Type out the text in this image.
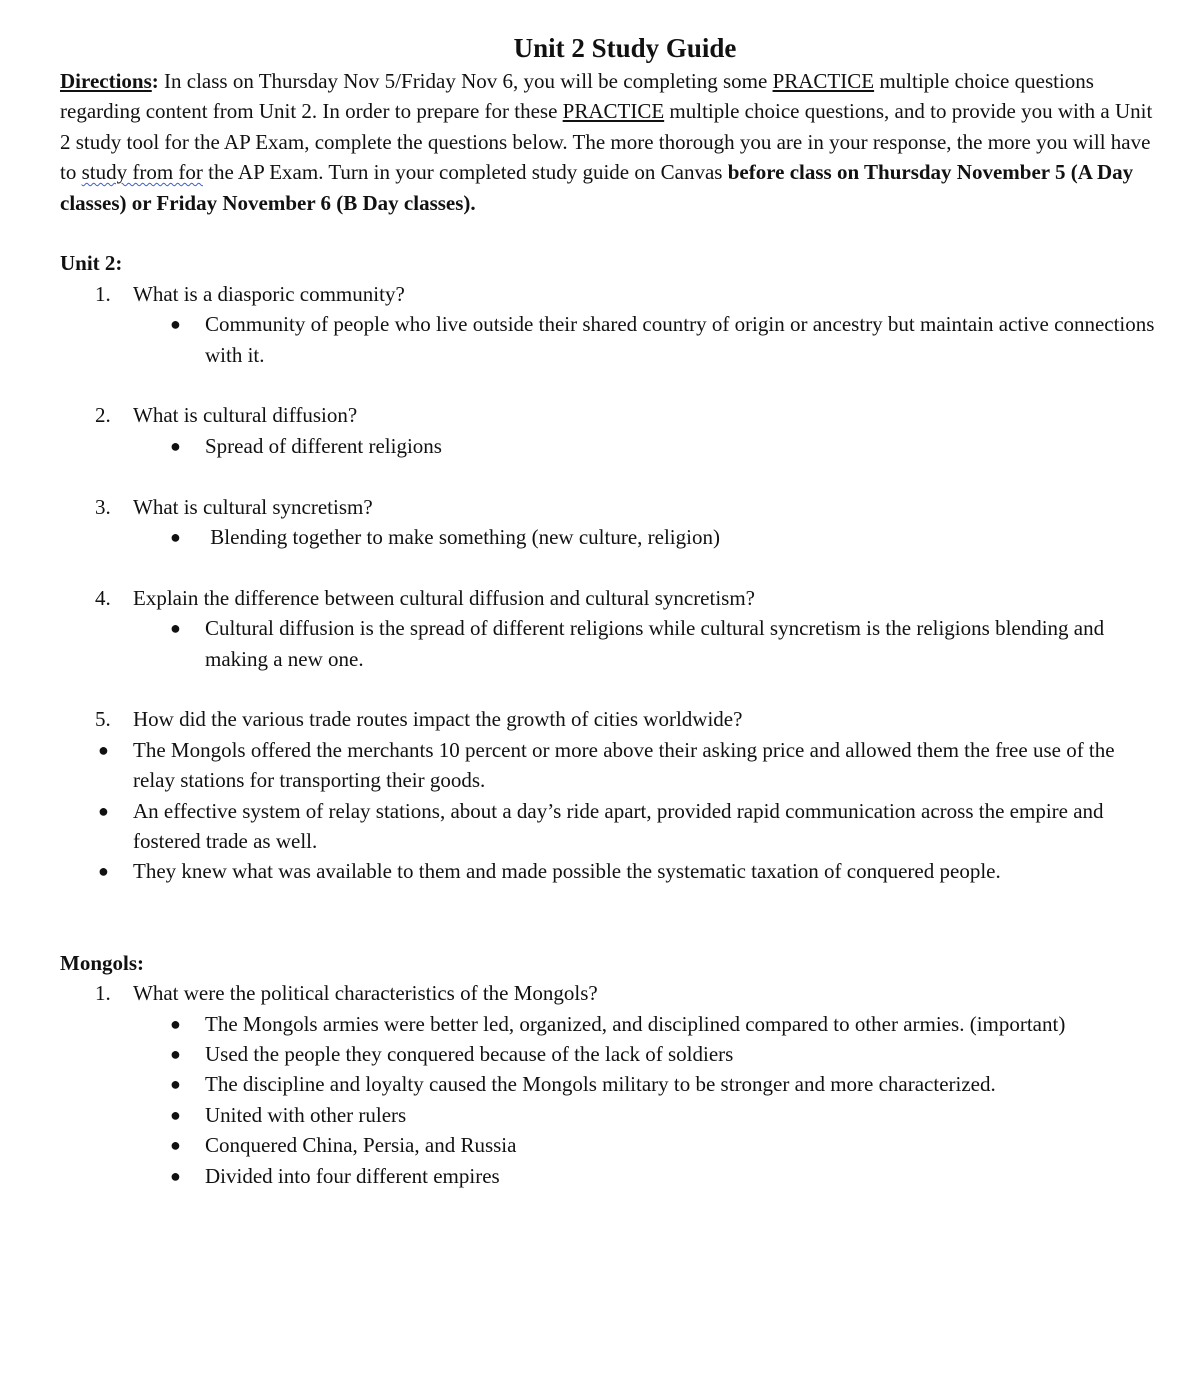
Unit 2 Study Guide

Directions: In class on Thursday Nov 5/Friday Nov 6, you will be completing some PRACTICE multiple choice questions regarding content from Unit 2. In order to prepare for these PRACTICE multiple choice questions, and to provide you with a Unit 2 study tool for the AP Exam, complete the questions below. The more thorough you are in your response, the more you will have to study from for the AP Exam. Turn in your completed study guide on Canvas before class on Thursday November 5 (A Day classes) or Friday November 6 (B Day classes).

Unit 2:

1. What is a diasporic community?

● Community of people who live outside their shared country of origin or ancestry but maintain active connections with it.

2. What is cultural diffusion?

● Spread of different religions

3. What is cultural syncretism?

● Blending together to make something (new culture, religion)

4. Explain the difference between cultural diffusion and cultural syncretism?

● Cultural diffusion is the spread of different religions while cultural syncretism is the religions blending and making a new one.

5. How did the various trade routes impact the growth of cities worldwide?

● The Mongols offered the merchants 10 percent or more above their asking price and allowed them the free use of the relay stations for transporting their goods.

● An effective system of relay stations, about a day’s ride apart, provided rapid communication across the empire and fostered trade as well.

● They knew what was available to them and made possible the systematic taxation of conquered people.

Mongols:

1. What were the political characteristics of the Mongols?

● The Mongols armies were better led, organized, and disciplined compared to other armies. (important)

● Used the people they conquered because of the lack of soldiers

● The discipline and loyalty caused the Mongols military to be stronger and more characterized.

● United with other rulers

● Conquered China, Persia, and Russia

● Divided into four different empires
